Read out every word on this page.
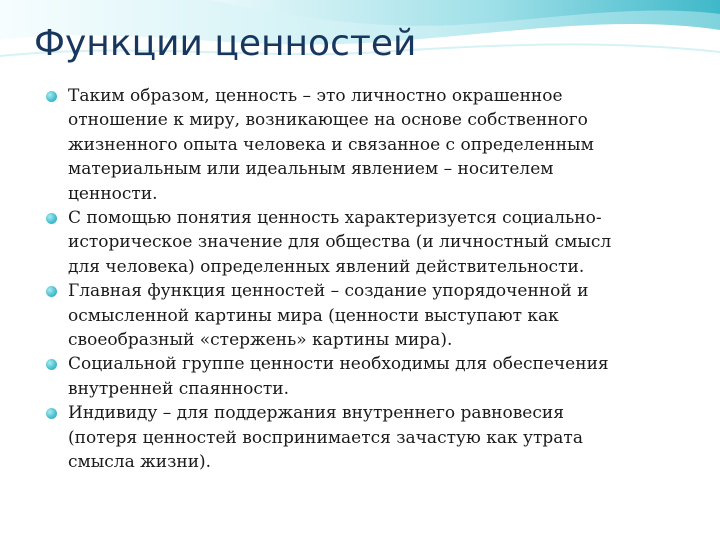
Функции ценностей
Таким образом, ценность – это личностно окрашенное
отношение к миру, возникающее на основе собственного
жизненного опыта человека и связанное с определенным
материальным или идеальным явлением – носителем
ценности.
С помощью понятия ценность характеризуется социально-
историческое значение для общества (и личностный смысл
для человека) определенных явлений действительности.
Главная функция ценностей – создание упорядоченной и
осмысленной картины мира (ценности выступают как
своеобразный «стержень» картины мира).
Социальной группе ценности необходимы для обеспечения
внутренней спаянности.
Индивиду – для поддержания внутреннего равновесия
(потеря ценностей воспринимается зачастую как утрата
смысла жизни).
